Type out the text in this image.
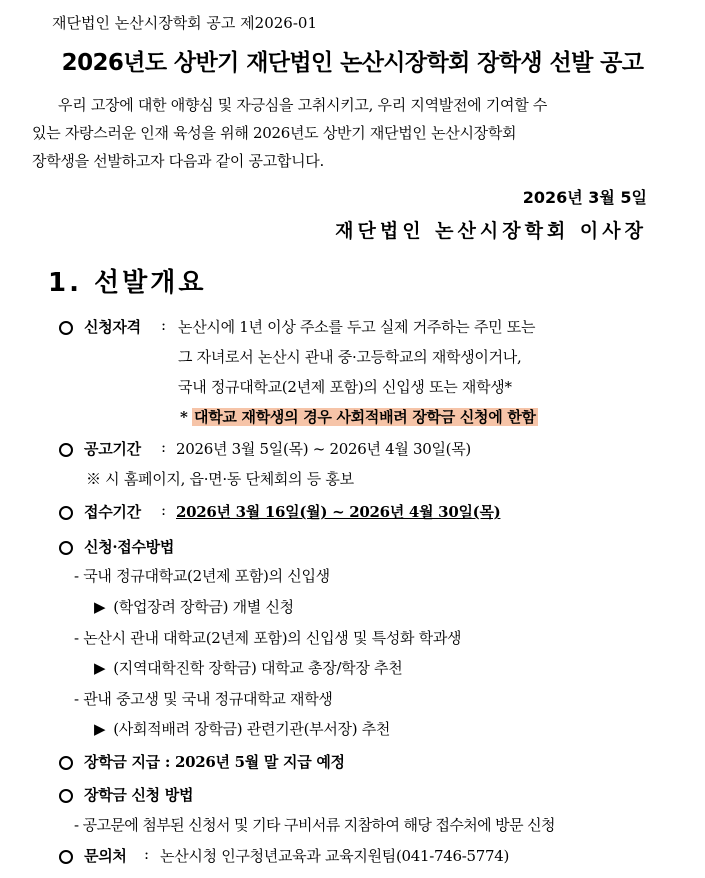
재단법인 논산시장학회 공고 제2026-01
2026년도 상반기 재단법인 논산시장학회 장학생 선발 공고
우리 고장에 대한 애향심 및 자긍심을 고취시키고, 우리 지역발전에 기여할 수
있는 자랑스러운 인재 육성을 위해 2026년도 상반기 재단법인 논산시장학회
장학생을 선발하고자 다음과 같이 공고합니다.
2026년 3월 5일
재단법인 논산시장학회 이사장
1. 선발개요
신청자격 : 논산시에 1년 이상 주소를 두고 실제 거주하는 주민 또는
그 자녀로서 논산시 관내 중·고등학교의 재학생이거나,
국내 정규대학교(2년제 포함)의 신입생 또는 재학생*
* 대학교 재학생의 경우 사회적배려 장학금 신청에 한함
공고기간 : 2026년 3월 5일(목) ~ 2026년 4월 30일(목)
※ 시 홈페이지, 읍·면·동 단체회의 등 홍보
접수기간 : 2026년 3월 16일(월) ~ 2026년 4월 30일(목)
신청·접수방법
- 국내 정규대학교(2년제 포함)의 신입생
▶ (학업장려 장학금) 개별 신청
- 논산시 관내 대학교(2년제 포함)의 신입생 및 특성화 학과생
▶ (지역대학진학 장학금) 대학교 총장/학장 추천
- 관내 중고생 및 국내 정규대학교 재학생
▶ (사회적배려 장학금) 관련기관(부서장) 추천
장학금 지급 : 2026년 5월 말 지급 예정
장학금 신청 방법
- 공고문에 첨부된 신청서 및 기타 구비서류 지참하여 해당 접수처에 방문 신청
문의처 : 논산시청 인구청년교육과 교육지원팀(041-746-5774)
